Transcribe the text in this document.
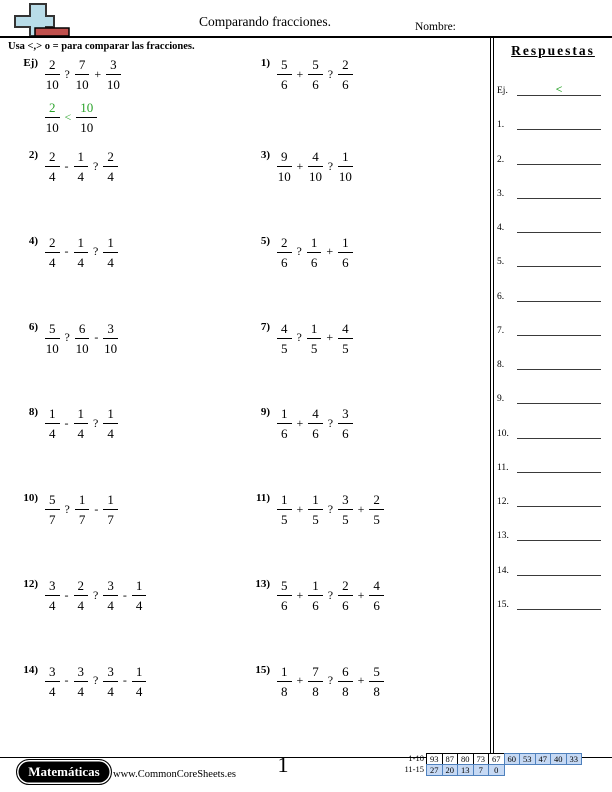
Comparando fracciones.	Nombre:
Usa <,> o = para comparar las fracciones.
$Ej) \frac{2}{10}$ ? $\frac{7}{10} + \frac{3}{10}$
$\frac{2}{10} < \frac{10}{10}$
$1) \frac{5}{6} + \frac{5}{6}$ ? $\frac{2}{6}$
$2) \frac{2}{4} - \frac{1}{4}$ ? $\frac{2}{4}$	$3) \frac{9}{10} + \frac{4}{10}$ ? $\frac{1}{10}$
$4) \frac{2}{4} - \frac{1}{4}$ ? $\frac{1}{4}$	$5) \frac{2}{6}$ ? $\frac{1}{6} + \frac{1}{6}$
$6) \frac{5}{10}$ ? $\frac{6}{10} - \frac{3}{10}$	$7) \frac{4}{5}$ ? $\frac{1}{5} + \frac{4}{5}$
$8) \frac{1}{4} - \frac{1}{4}$ ? $\frac{1}{4}$	$9) \frac{1}{6} + \frac{4}{6}$ ? $\frac{3}{6}$
$10) \frac{5}{7}$ ? $\frac{1}{7} - \frac{1}{7}$	$11) \frac{1}{5} + \frac{1}{5}$ ? $\frac{3}{5} + \frac{2}{5}$
$12) \frac{3}{4} - \frac{2}{4}$ ? $\frac{3}{4} - \frac{1}{4}$	$13) \frac{5}{6} + \frac{1}{6}$ ? $\frac{2}{6} + \frac{4}{6}$
$14) \frac{3}{4} - \frac{3}{4}$ ? $\frac{3}{4} - \frac{1}{4}$	$15) \frac{1}{8} + \frac{7}{8}$ ? $\frac{6}{8} + \frac{5}{8}$
Respuestas
Ej.	<
1.
2.
3.
4.
5.
6.
7.
8.
9.
10.
11.
12.
13.
14.
15.
Matemáticas www.CommonCoreSheets.es	1	1-10 93 87 80 73 67 60 53 47 40 33
11-15 27 20 13	7	0
